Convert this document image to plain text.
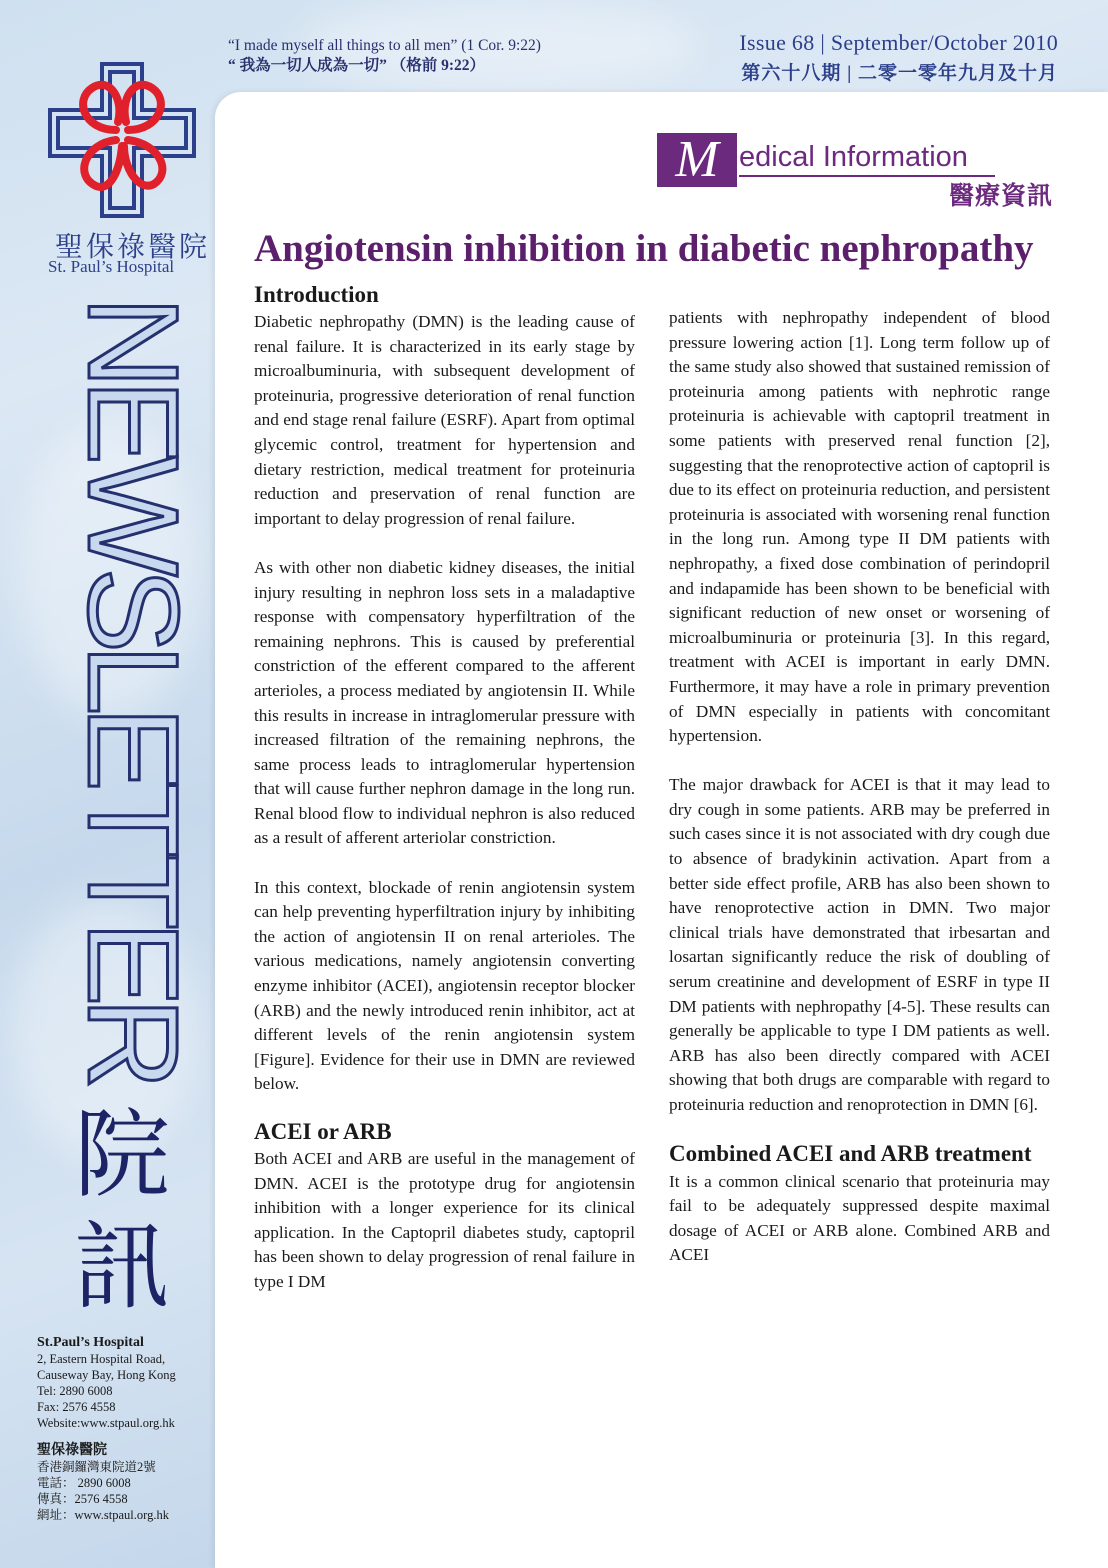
“I made myself all things to all men” (1 Cor. 9:22)
“ 我為一切人成為一切” （格前 9:22）
Issue 68 | September/October 2010
第六十八期 | 二零一零年九月及十月
聖保祿醫院
St. Paul’s Hospital
NEWSLETTER
院
訊
St.Paul’s Hospital
2, Eastern Hospital Road,
Causeway Bay, Hong Kong
Tel: 2890 6008
Fax: 2576 4558
Website:www.stpaul.org.hk
聖保祿醫院
香港銅鑼灣東院道2號
電話： 2890 6008
傳真：2576 4558
網址：www.stpaul.org.hk
M edical Information
醫療資訊
Angiotensin inhibition in diabetic nephropathy
Introduction

Diabetic nephropathy (DMN) is the leading cause of renal failure. It is characterized in its early stage by microalbuminuria, with subsequent development of proteinuria, progressive deterioration of renal function and end stage renal failure (ESRF). Apart from optimal glycemic control, treatment for hypertension and dietary restriction, medical treatment for proteinuria reduction and preservation of renal function are important to delay progression of renal failure.

As with other non diabetic kidney diseases, the initial injury resulting in nephron loss sets in a maladaptive response with compensatory hyperfiltration of the remaining nephrons. This is caused by preferential constriction of the efferent compared to the afferent arterioles, a process mediated by angiotensin II. While this results in increase in intraglomerular pressure with increased filtration of the remaining nephrons, the same process leads to intraglomerular hypertension that will cause further nephron damage in the long run. Renal blood flow to individual nephron is also reduced as a result of afferent arteriolar constriction.

In this context, blockade of renin angiotensin system can help preventing hyperfiltration injury by inhibiting the action of angiotensin II on renal arterioles. The various medications, namely angiotensin converting enzyme inhibitor (ACEI), angiotensin receptor blocker (ARB) and the newly introduced renin inhibitor, act at different levels of the renin angiotensin system [Figure]. Evidence for their use in DMN are reviewed below.

ACEI or ARB

Both ACEI and ARB are useful in the management of DMN. ACEI is the prototype drug for angiotensin inhibition with a longer experience for its clinical application. In the Captopril diabetes study, captopril has been shown to delay progression of renal failure in type I DM

patients with nephropathy independent of blood pressure lowering action [1]. Long term follow up of the same study also showed that sustained remission of proteinuria among patients with nephrotic range proteinuria is achievable with captopril treatment in some patients with preserved renal function [2], suggesting that the renoprotective action of captopril is due to its effect on proteinuria reduction, and persistent proteinuria is associated with worsening renal function in the long run. Among type II DM patients with nephropathy, a fixed dose combination of perindopril and indapamide has been shown to be beneficial with significant reduction of new onset or worsening of microalbuminuria or proteinuria [3]. In this regard, treatment with ACEI is important in early DMN. Furthermore, it may have a role in primary prevention of DMN especially in patients with concomitant hypertension.

The major drawback for ACEI is that it may lead to dry cough in some patients. ARB may be preferred in such cases since it is not associated with dry cough due to absence of bradykinin activation. Apart from a better side effect profile, ARB has also been shown to have renoprotective action in DMN. Two major clinical trials have demonstrated that irbesartan and losartan significantly reduce the risk of doubling of serum creatinine and development of ESRF in type II DM patients with nephropathy [4-5]. These results can generally be applicable to type I DM patients as well. ARB has also been directly compared with ACEI showing that both drugs are comparable with regard to proteinuria reduction and renoprotection in DMN [6].

Combined ACEI and ARB treatment

It is a common clinical scenario that proteinuria may fail to be adequately suppressed despite maximal dosage of ACEI or ARB alone. Combined ARB and ACEI
